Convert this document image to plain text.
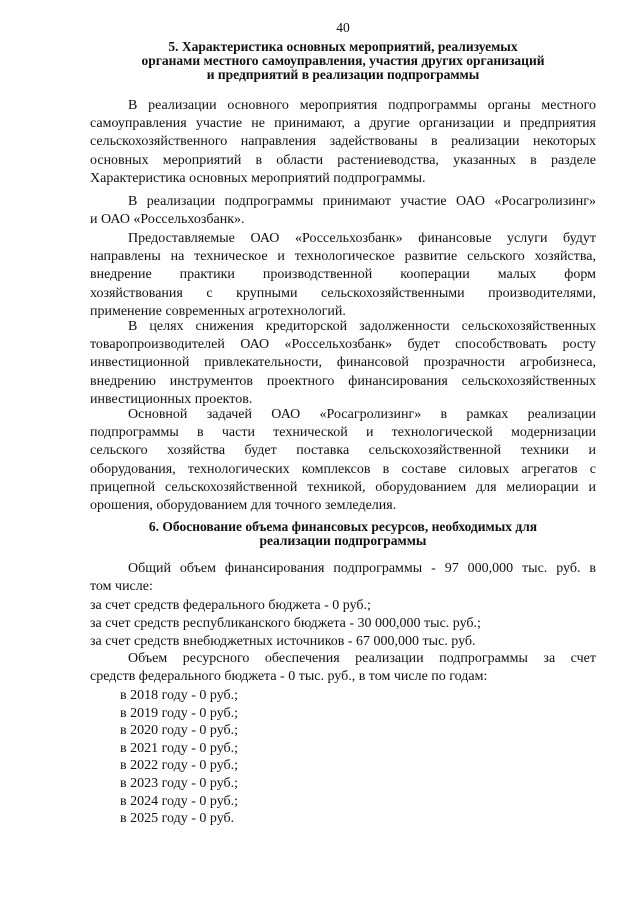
40
5. Характеристика основных мероприятий, реализуемых
органами местного самоуправления, участия других организаций
и предприятий в реализации подпрограммы

В реализации основного мероприятия подпрограммы органы местного
самоуправления участие не принимают, а другие организации и предприятия
сельскохозяйственного направления задействованы в реализации некоторых
основных мероприятий в области растениеводства, указанных в разделе
Характеристика основных мероприятий подпрограммы.

В реализации подпрограммы принимают участие ОАО «Росагролизинг»
и ОАО «Россельхозбанк».

Предоставляемые ОАО «Россельхозбанк» финансовые услуги будут
направлены на техническое и технологическое развитие сельского хозяйства,
внедрение практики производственной кооперации малых форм
хозяйствования с крупными сельскохозяйственными производителями,
применение современных агротехнологий.

В целях снижения кредиторской задолженности сельскохозяйственных
товаропроизводителей ОАО «Россельхозбанк» будет способствовать росту
инвестиционной привлекательности, финансовой прозрачности агробизнеса,
внедрению инструментов проектного финансирования сельскохозяйственных
инвестиционных проектов.

Основной задачей ОАО «Росагролизинг» в рамках реализации
подпрограммы в части технической и технологической модернизации
сельского хозяйства будет поставка сельскохозяйственной техники и
оборудования, технологических комплексов в составе силовых агрегатов с
прицепной сельскохозяйственной техникой, оборудованием для мелиорации и
орошения, оборудованием для точного земледелия.

6. Обоснование объема финансовых ресурсов, необходимых для
реализации подпрограммы

Общий объем финансирования подпрограммы - 97 000,000 тыс. руб. в
том числе:

за счет средств федерального бюджета - 0 руб.;

за счет средств республиканского бюджета - 30 000,000 тыс. руб.;

за счет средств внебюджетных источников - 67 000,000 тыс. руб.

Объем ресурсного обеспечения реализации подпрограммы за счет
средств федерального бюджета - 0 тыс. руб., в том числе по годам:

в 2018 году - 0 руб.;
в 2019 году - 0 руб.;
в 2020 году - 0 руб.;
в 2021 году - 0 руб.;
в 2022 году - 0 руб.;
в 2023 году - 0 руб.;
в 2024 году - 0 руб.;
в 2025 году - 0 руб.
